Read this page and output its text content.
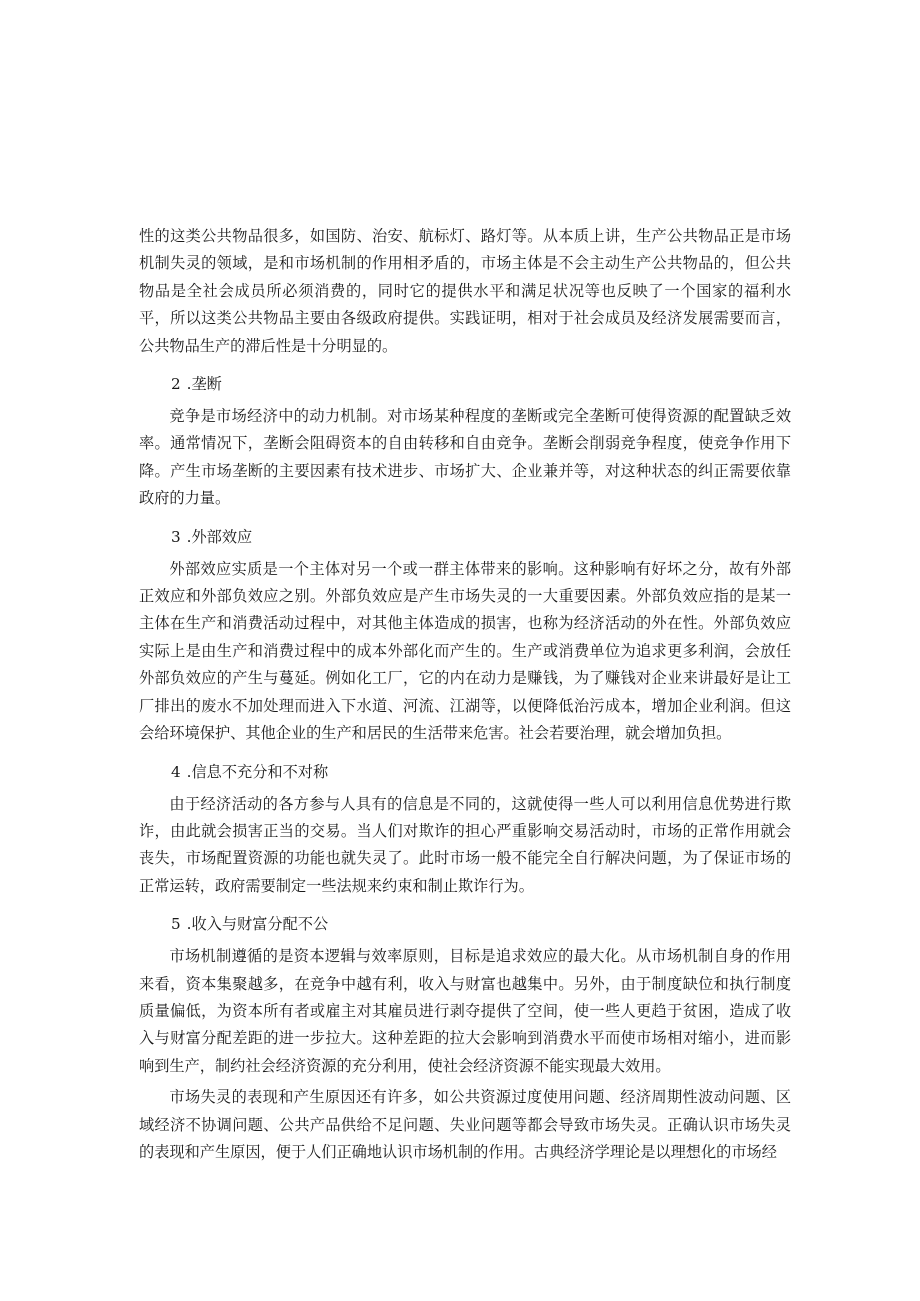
性的这类公共物品很多，如国防、治安、航标灯、路灯等。从本质上讲，生产公共物品正是市场机制失灵的领域，是和市场机制的作用相矛盾的，市场主体是不会主动生产公共物品的，但公共物品是全社会成员所必须消费的，同时它的提供水平和满足状况等也反映了一个国家的福利水平，所以这类公共物品主要由各级政府提供。实践证明，相对于社会成员及经济发展需要而言，公共物品生产的滞后性是十分明显的。

2 .垄断

竞争是市场经济中的动力机制。对市场某种程度的垄断或完全垄断可使得资源的配置缺乏效率。通常情况下，垄断会阻碍资本的自由转移和自由竞争。垄断会削弱竞争程度，使竞争作用下降。产生市场垄断的主要因素有技术进步、市场扩大、企业兼并等，对这种状态的纠正需要依靠政府的力量。

3 .外部效应

外部效应实质是一个主体对另一个或一群主体带来的影响。这种影响有好坏之分，故有外部正效应和外部负效应之别。外部负效应是产生市场失灵的一大重要因素。外部负效应指的是某一主体在生产和消费活动过程中，对其他主体造成的损害，也称为经济活动的外在性。外部负效应实际上是由生产和消费过程中的成本外部化而产生的。生产或消费单位为追求更多利润，会放任外部负效应的产生与蔓延。例如化工厂，它的内在动力是赚钱，为了赚钱对企业来讲最好是让工厂排出的废水不加处理而进入下水道、河流、江湖等，以便降低治污成本，增加企业利润。但这会给环境保护、其他企业的生产和居民的生活带来危害。社会若要治理，就会增加负担。

4 .信息不充分和不对称

由于经济活动的各方参与人具有的信息是不同的，这就使得一些人可以利用信息优势进行欺诈，由此就会损害正当的交易。当人们对欺诈的担心严重影响交易活动时，市场的正常作用就会丧失，市场配置资源的功能也就失灵了。此时市场一般不能完全自行解决问题，为了保证市场的正常运转，政府需要制定一些法规来约束和制止欺诈行为。

5 .收入与财富分配不公

市场机制遵循的是资本逻辑与效率原则，目标是追求效应的最大化。从市场机制自身的作用来看，资本集聚越多，在竞争中越有利，收入与财富也越集中。另外，由于制度缺位和执行制度质量偏低，为资本所有者或雇主对其雇员进行剥夺提供了空间，使一些人更趋于贫困，造成了收入与财富分配差距的进一步拉大。这种差距的拉大会影响到消费水平而使市场相对缩小，进而影响到生产，制约社会经济资源的充分利用，使社会经济资源不能实现最大效用。

市场失灵的表现和产生原因还有许多，如公共资源过度使用问题、经济周期性波动问题、区域经济不协调问题、公共产品供给不足问题、失业问题等都会导致市场失灵。正确认识市场失灵的表现和产生原因，便于人们正确地认识市场机制的作用。古典经济学理论是以理想化的市场经
